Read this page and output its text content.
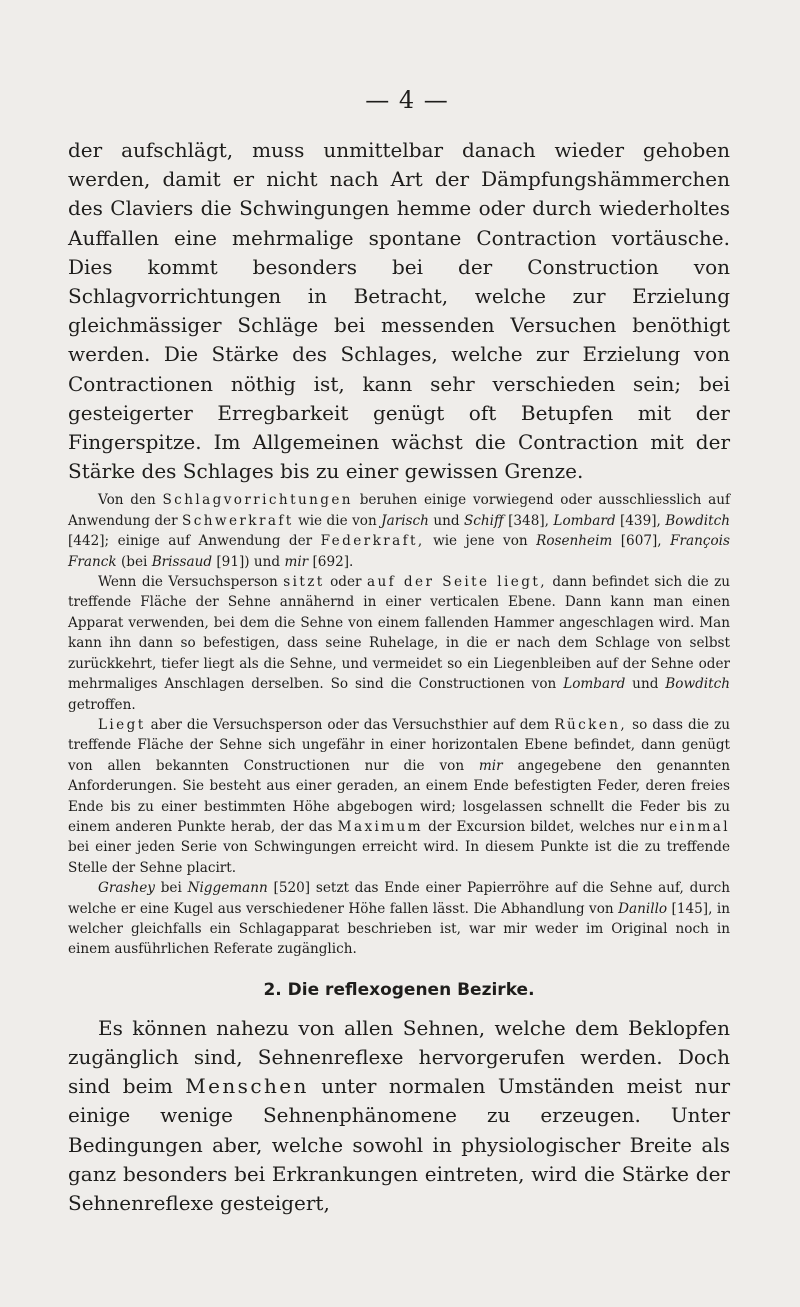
— 4 —

der aufschlägt, muss unmittelbar danach wieder gehoben werden, damit er nicht nach Art der Dämpfungshämmerchen des Claviers die Schwingungen hemme oder durch wiederholtes Auffallen eine mehrmalige spontane Contraction vortäusche. Dies kommt besonders bei der Construction von Schlagvorrichtungen in Betracht, welche zur Erzielung gleichmässiger Schläge bei messenden Versuchen benöthigt werden. Die Stärke des Schlages, welche zur Erzielung von Contractionen nöthig ist, kann sehr verschieden sein; bei gesteigerter Erregbarkeit genügt oft Betupfen mit der Fingerspitze. Im Allgemeinen wächst die Contraction mit der Stärke des Schlages bis zu einer gewissen Grenze.

Von den Schlagvorrichtungen beruhen einige vorwiegend oder ausschliesslich auf Anwendung der Schwerkraft wie die von Jarisch und Schiff [348], Lombard [439], Bowditch [442]; einige auf Anwendung der Federkraft, wie jene von Rosenheim [607], François Franck (bei Brissaud [91]) und mir [692].

Wenn die Versuchsperson sitzt oder auf der Seite liegt, dann befindet sich die zu treffende Fläche der Sehne annähernd in einer verticalen Ebene. Dann kann man einen Apparat verwenden, bei dem die Sehne von einem fallenden Hammer angeschlagen wird. Man kann ihn dann so befestigen, dass seine Ruhelage, in die er nach dem Schlage von selbst zurückkehrt, tiefer liegt als die Sehne, und vermeidet so ein Liegenbleiben auf der Sehne oder mehrmaliges Anschlagen derselben. So sind die Constructionen von Lombard und Bowditch getroffen.

Liegt aber die Versuchsperson oder das Versuchsthier auf dem Rücken, so dass die zu treffende Fläche der Sehne sich ungefähr in einer horizontalen Ebene befindet, dann genügt von allen bekannten Constructionen nur die von mir angegebene den genannten Anforderungen. Sie besteht aus einer geraden, an einem Ende befestigten Feder, deren freies Ende bis zu einer bestimmten Höhe abgebogen wird; losgelassen schnellt die Feder bis zu einem anderen Punkte herab, der das Maximum der Excursion bildet, welches nur einmal bei einer jeden Serie von Schwingungen erreicht wird. In diesem Punkte ist die zu treffende Stelle der Sehne placirt.

Grashey bei Niggemann [520] setzt das Ende einer Papierröhre auf die Sehne auf, durch welche er eine Kugel aus verschiedener Höhe fallen lässt. Die Abhandlung von Danillo [145], in welcher gleichfalls ein Schlagapparat beschrieben ist, war mir weder im Original noch in einem ausführlichen Referate zugänglich.

2. Die reflexogenen Bezirke.

Es können nahezu von allen Sehnen, welche dem Beklopfen zugänglich sind, Sehnenreflexe hervorgerufen werden. Doch sind beim Menschen unter normalen Umständen meist nur einige wenige Sehnenphänomene zu erzeugen. Unter Bedingungen aber, welche sowohl in physiologischer Breite als ganz besonders bei Erkrankungen eintreten, wird die Stärke der Sehnenreflexe gesteigert,
